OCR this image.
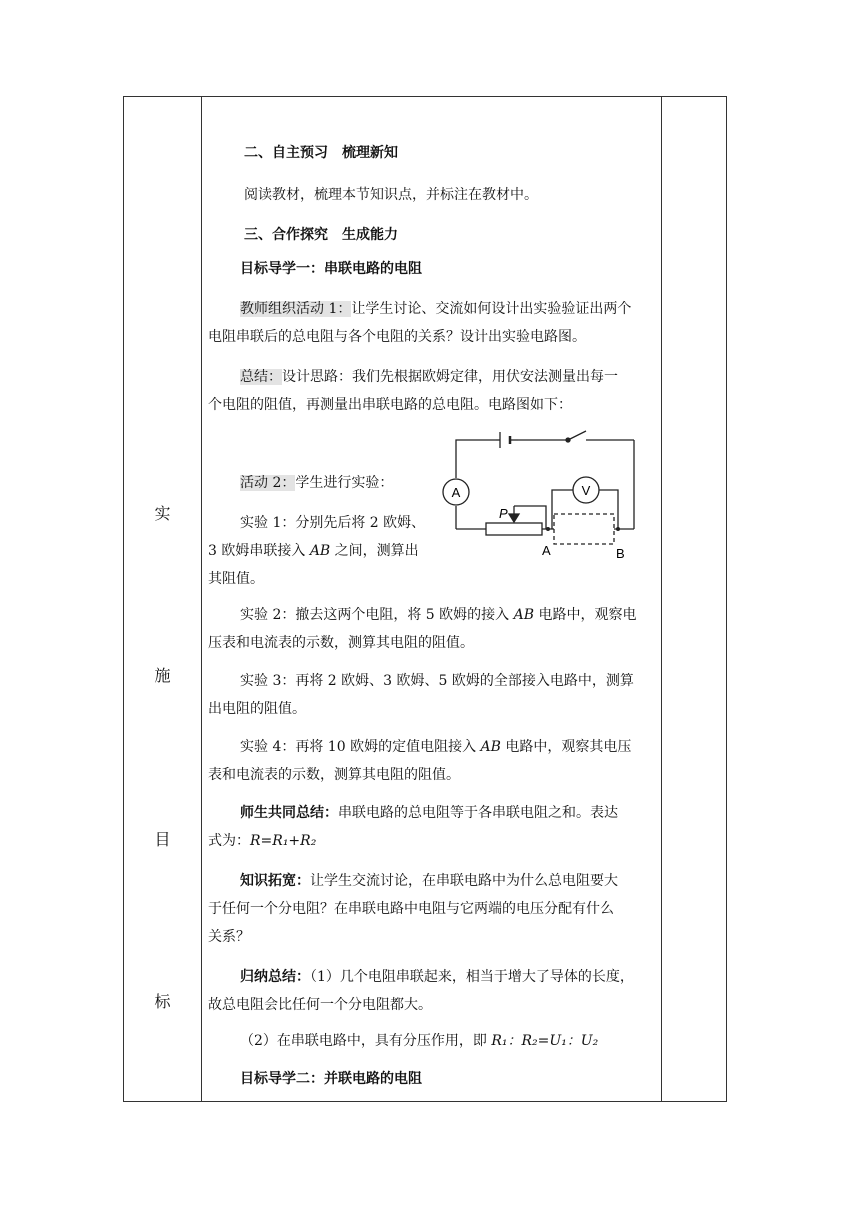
实
施
目
标
二、自主预习　梳理新知
阅读教材，梳理本节知识点，并标注在教材中。
三、合作探究　生成能力
目标导学一：串联电路的电阻
教师组织活动 1：让学生讨论、交流如何设计出实验验证出两个
电阻串联后的总电阻与各个电阻的关系？设计出实验电路图。
总结：设计思路：我们先根据欧姆定律，用伏安法测量出每一
个电阻的阻值，再测量出串联电路的总电阻。电路图如下：
活动 2：学生进行实验：
实验 1：分别先后将 2 欧姆、
3 欧姆串联接入 AB 之间，测算出
其阻值。
实验 2：撤去这两个电阻，将 5 欧姆的接入 AB 电路中，观察电
压表和电流表的示数，测算其电阻的阻值。
实验 3：再将 2 欧姆、3 欧姆、5 欧姆的全部接入电路中，测算
出电阻的阻值。
实验 4：再将 10 欧姆的定值电阻接入 AB 电路中，观察其电压
表和电流表的示数，测算其电阻的阻值。
师生共同总结：串联电路的总电阻等于各串联电阻之和。表达
式为：R=R₁+R₂
知识拓宽：让学生交流讨论，在串联电路中为什么总电阻要大
于任何一个分电阻？在串联电路中电阻与它两端的电压分配有什么
关系？
归纳总结：（1）几个电阻串联起来，相当于增大了导体的长度，
故总电阻会比任何一个分电阻都大。
（2）在串联电路中，具有分压作用，即 R₁：R₂=U₁：U₂
目标导学二：并联电路的电阻
A	V
P
A	B
